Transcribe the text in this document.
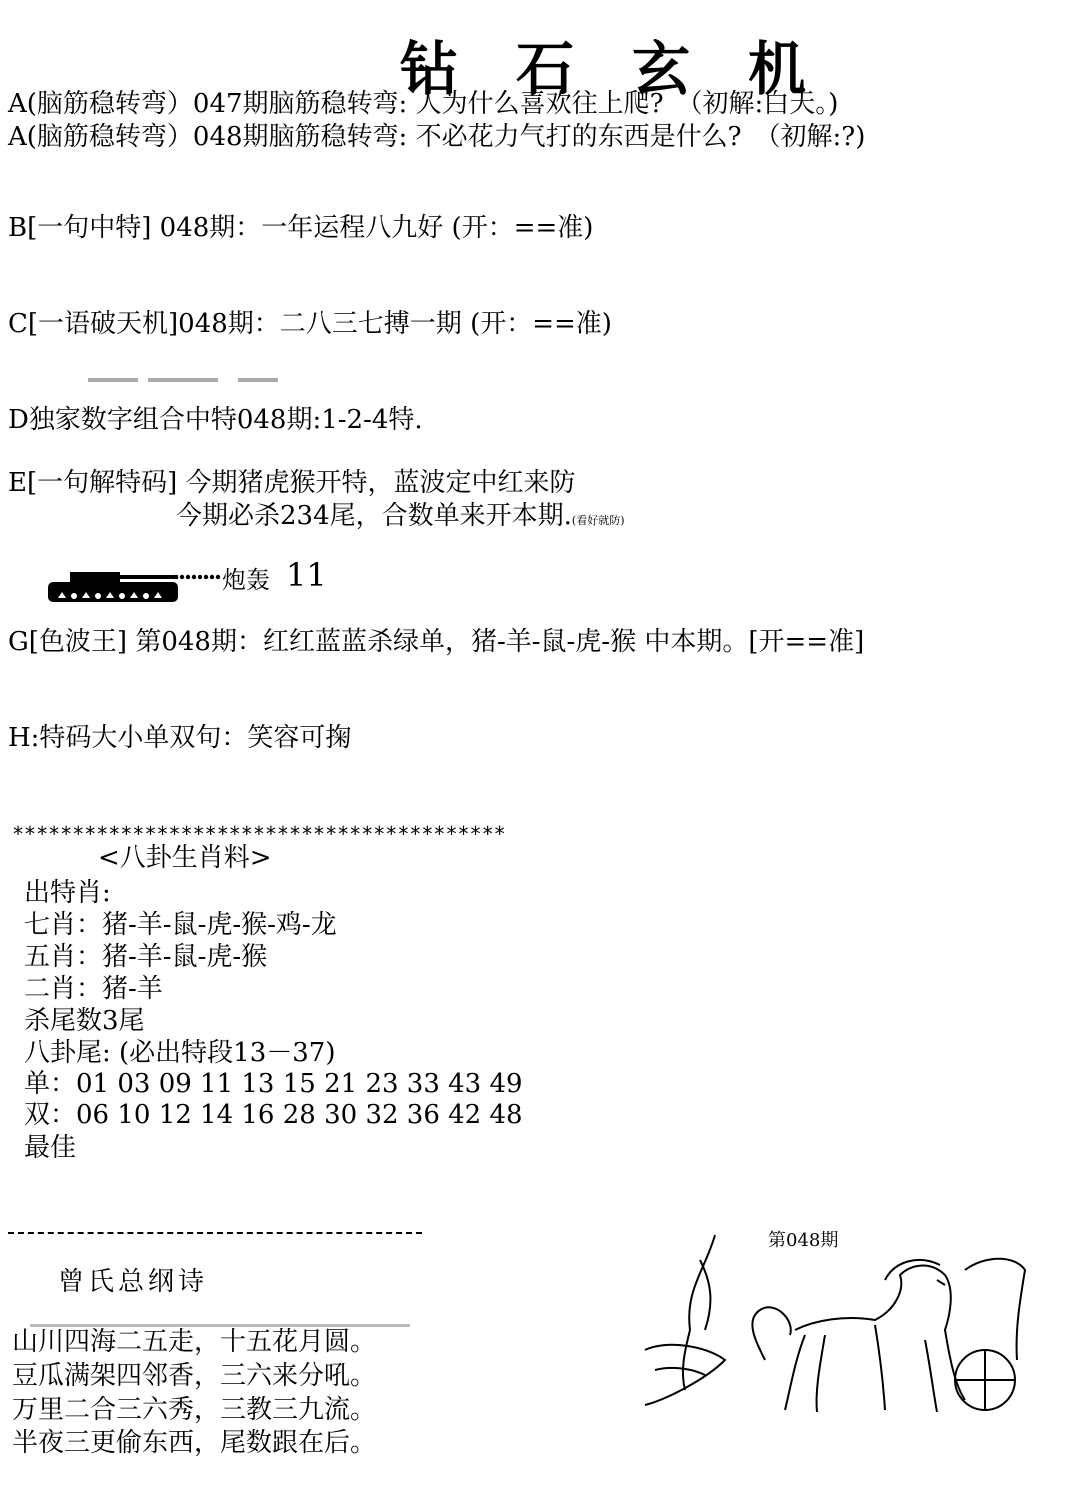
钻石玄机
A(脑筋稳转弯）047期脑筋稳转弯: 人为什么喜欢往上爬?　（初解:白天。)
A(脑筋稳转弯）048期脑筋稳转弯: 不必花力气打的东西是什么?　（初解:?)
B[一句中特] 048期：一年运程八九好 (开：==准)
C[一语破天机]048期：二八三七搏一期 (开：==准)
D独家数字组合中特048期:1-2-4特.
E[一句解特码] 今期猪虎猴开特，蓝波定中红来防
今期必杀234尾，合数单来开本期.(看好就防)
炮轰 11
G[色波王] 第048期：红红蓝蓝杀绿单，猪-羊-鼠-虎-猴 中本期。[开==准]
H:特码大小单双句：笑容可掬
*****************************************
<八卦生肖料>
出特肖:
七肖：猪-羊-鼠-虎-猴-鸡-龙
五肖：猪-羊-鼠-虎-猴
二肖：猪-羊
杀尾数3尾
八卦尾: (必出特段13－37)
单：01 03 09 11 13 15 21 23 33 43 49
双：06 10 12 14 16 28 30 32 36 42 48
最佳
曾氏总纲诗
山川四海二五走，十五花月圆。
豆瓜满架四邻香，三六来分吼。
万里二合三六秀，三教三九流。
半夜三更偷东西，尾数跟在后。
第048期
